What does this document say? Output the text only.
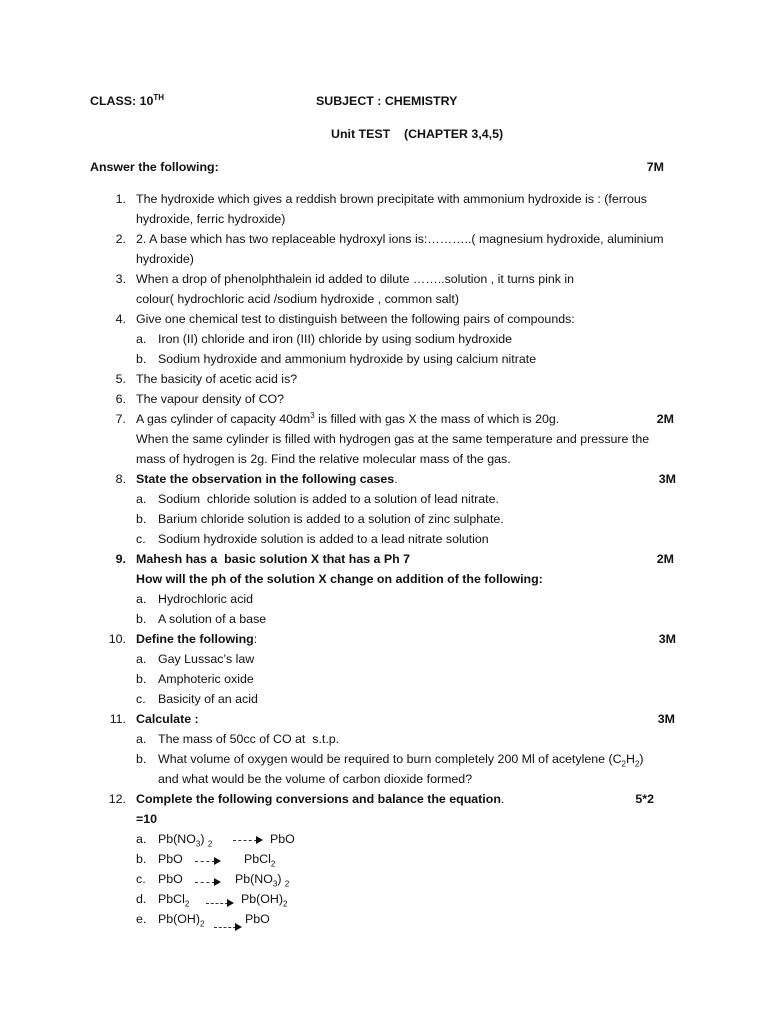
CLASS: 10TH	SUBJECT : CHEMISTRY
Unit TEST    (CHAPTER 3,4,5)
Answer the following:	7M
1. The hydroxide which gives a reddish brown precipitate with ammonium hydroxide is : (ferrous
hydroxide, ferric hydroxide)
2. 2. A base which has two replaceable hydroxyl ions is:………..( magnesium hydroxide, aluminium
hydroxide)
3. When a drop of phenolphthalein id added to dilute ……..solution , it turns pink in
colour( hydrochloric acid /sodium hydroxide , common salt)
4. Give one chemical test to distinguish between the following pairs of compounds:
a. Iron (II) chloride and iron (III) chloride by using sodium hydroxide
b. Sodium hydroxide and ammonium hydroxide by using calcium nitrate
5. The basicity of acetic acid is?
6. The vapour density of CO?
7. A gas cylinder of capacity $40dm^3$ is filled with gas X the mass of which is 20g.	2M
When the same cylinder is filled with hydrogen gas at the same temperature and pressure the
mass of hydrogen is 2g. Find the relative molecular mass of the gas.
8. State the observation in the following cases.	3M
a. Sodium  chloride solution is added to a solution of lead nitrate.
b. Barium chloride solution is added to a solution of zinc sulphate.
c. Sodium hydroxide solution is added to a lead nitrate solution
9. Mahesh has a  basic solution X that has a Ph 7	2M
How will the ph of the solution X change on addition of the following:
a. Hydrochloric acid
b. A solution of a base
10. Define the following:	3M
a. Gay Lussac’s law
b. Amphoteric oxide
c. Basicity of an acid
11. Calculate :	3M
a. The mass of 50cc of CO at  s.t.p.
b. What volume of oxygen would be required to burn completely 200 Ml of acetylene $(C_2H_2)$
and what would be the volume of carbon dioxide formed?
12. Complete the following conversions and balance the equation.	5*2
=10
a. $Pb(NO_3)$ $_2$	PbO
b. PbO	PbCl$_2$
c. PbO	$Pb(NO_3)$ $_2$
d. PbCl$_2$	$Pb(OH)_2$
e. $Pb(OH)_2$	PbO
